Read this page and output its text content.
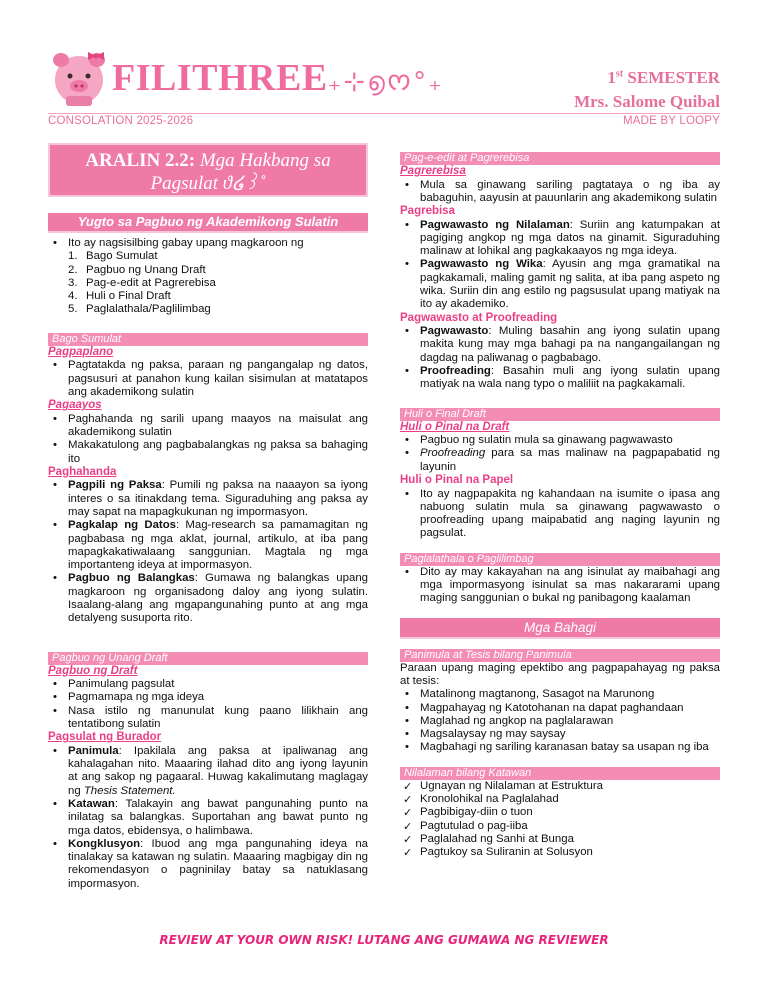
FILITHREE₊⊹൭ᰔ°₊	1st SEMESTER
Mrs. Salome Quibal
CONSOLATION 2025-2026	MADE BY LOOPY
ARALIN 2.2: Mga Hakbang sa Pagsulat ϑ໒꒱˚
Yugto sa Pagbuo ng Akademikong Sulatin
• Ito ay nagsisilbing gabay upang magkaroon ng
1. Bago Sumulat
2. Pagbuo ng Unang Draft
3. Pag-e-edit at Pagrerebisa
4. Huli o Final Draft
5. Paglalathala/Paglilimbag
Bago Sumulat
Pagpaplano
• Pagtatakda ng paksa, paraan ng pangangalap ng datos, pagsusuri at panahon kung kailan sisimulan at matatapos ang akademikong sulatin
Pagaayos
• Paghahanda ng sarili upang maayos na maisulat ang akademikong sulatin
• Makakatulong ang pagbabalangkas ng paksa sa bahaging ito
Paghahanda
• Pagpili ng Paksa: Pumili ng paksa na naaayon sa iyong interes o sa itinakdang tema. Siguraduhing ang paksa ay may sapat na mapagkukunan ng impormasyon.
• Pagkalap ng Datos: Mag-research sa pamamagitan ng pagbabasa ng mga aklat, journal, artikulo, at iba pang mapagkakatiwalaang sanggunian. Magtala ng mga importanteng ideya at impormasyon.
• Pagbuo ng Balangkas: Gumawa ng balangkas upang magkaroon ng organisadong daloy ang iyong sulatin. Isaalang-alang ang mgapangunahing punto at ang mga detalyeng susuporta rito.
Pagbuo ng Unang Draft
Pagbuo ng Draft
• Panimulang pagsulat
• Pagmamapa ng mga ideya
• Nasa istilo ng manunulat kung paano lilikhain ang tentatibong sulatin
Pagsulat ng Burador
• Panimula: Ipakilala ang paksa at ipaliwanag ang kahalagahan nito. Maaaring ilahad dito ang iyong layunin at ang sakop ng pagaaral. Huwag kakalimutang maglagay ng Thesis Statement.
• Katawan: Talakayin ang bawat pangunahing punto na inilatag sa balangkas. Suportahan ang bawat punto ng mga datos, ebidensya, o halimbawa.
• Kongklusyon: Ibuod ang mga pangunahing ideya na tinalakay sa katawan ng sulatin. Maaaring magbigay din ng rekomendasyon o pagninilay batay sa natuklasang impormasyon.
Pag-e-edit at Pagrerebisa
Pagrerebisa
• Mula sa ginawang sariling pagtataya o ng iba ay babaguhin, aayusin at pauunlarin ang akademikong sulatin
Pagrebisa
• Pagwawasto ng Nilalaman: Suriin ang katumpakan at pagiging angkop ng mga datos na ginamit. Siguraduhing malinaw at lohikal ang pagkakaayos ng mga ideya.
• Pagwawasto ng Wika: Ayusin ang mga gramatikal na pagkakamali, maling gamit ng salita, at iba pang aspeto ng wika. Suriin din ang estilo ng pagsusulat upang matiyak na ito ay akademiko.
Pagwawasto at Proofreading
• Pagwawasto: Muling basahin ang iyong sulatin upang makita kung may mga bahagi pa na nangangailangan ng dagdag na paliwanag o pagbabago.
• Proofreading: Basahin muli ang iyong sulatin upang matiyak na wala nang typo o maliliit na pagkakamali.
Huli o Final Draft
Huli o Pinal na Draft
• Pagbuo ng sulatin mula sa ginawang pagwawasto
• Proofreading para sa mas malinaw na pagpapabatid ng layunin
Huli o Pinal na Papel
• Ito ay nagpapakita ng kahandaan na isumite o ipasa ang nabuong sulatin mula sa ginawang pagwawasto o proofreading upang maipabatid ang naging layunin ng pagsulat.
Paglalathala o Paglilimbag
• Dito ay may kakayahan na ang isinulat ay maibahagi ang mga impormasyong isinulat sa mas nakararami upang maging sanggunian o bukal ng panibagong kaalaman
Mga Bahagi
Panimula at Tesis bilang Panimula

Paraan upang maging epektibo ang pagpapahayag ng paksa at tesis:

• Matalinong magtanong, Sasagot na Marunong
• Magpahayag ng Katotohanan na dapat paghandaan
• Maglahad ng angkop na paglalarawan
• Magsalaysay ng may saysay
• Magbahagi ng sariling karanasan batay sa usapan ng iba
Nilalaman bilang Katawan
✓ Ugnayan ng Nilalaman at Estruktura
✓ Kronolohikal na Paglalahad
✓ Pagbibigay-diin o tuon
✓ Pagtutulad o pag-iiba
✓ Paglalahad ng Sanhi at Bunga
✓ Pagtukoy sa Suliranin at Solusyon
REVIEW AT YOUR OWN RISK! LUTANG ANG GUMAWA NG REVIEWER
